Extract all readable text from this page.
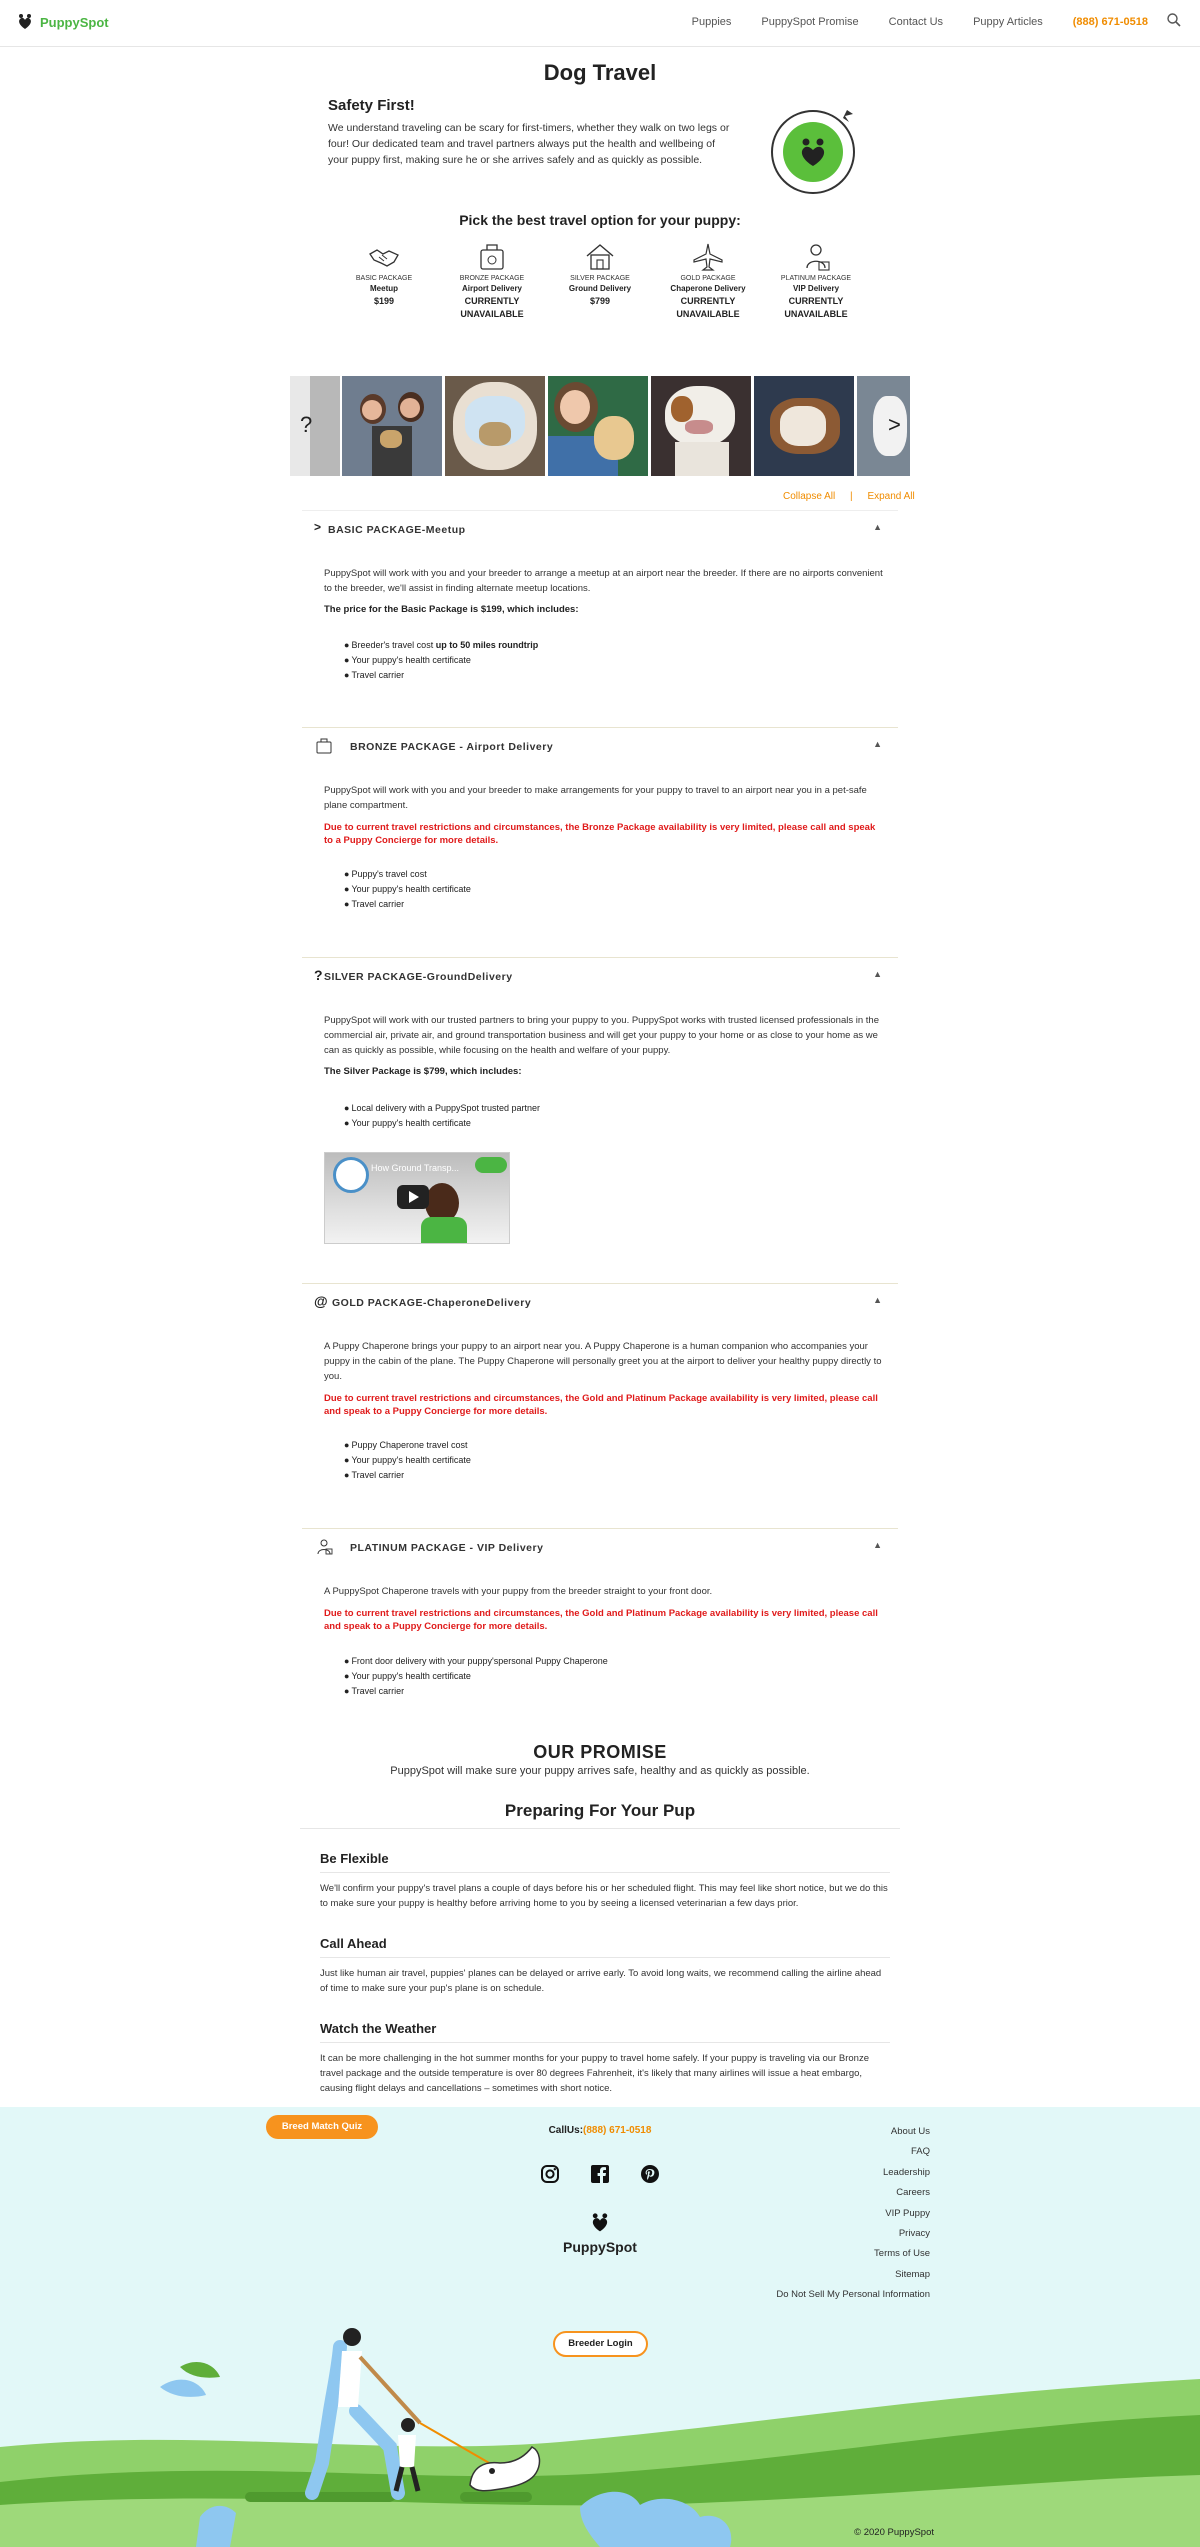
PuppySpot	Puppies	PuppySpot Promise	Contact Us	Puppy Articles	(888) 671-0518
Dog Travel
Safety First!
We understand traveling can be scary for first-timers, whether they walk on two legs or four! Our dedicated team and travel partners always put the health and wellbeing of your puppy first, making sure he or she arrives safely and as quickly as possible.
Pick the best travel option for your puppy:
BASIC PACKAGE
Meetup
$199
BRONZE PACKAGE
Airport Delivery
CURRENTLY UNAVAILABLE
SILVER PACKAGE
Ground Delivery
$799
GOLD PACKAGE
Chaperone Delivery
CURRENTLY UNAVAILABLE
PLATINUM PACKAGE
VIP Delivery
CURRENTLY UNAVAILABLE
?	>
Collapse All | Expand All
> BASIC PACKAGE-Meetup	▲
PuppySpot will work with you and your breeder to arrange a meetup at an airport near the breeder. If there are no airports convenient to the breeder, we'll assist in finding alternate meetup locations.
The price for the Basic Package is $199, which includes:
● Breeder's travel cost up to 50 miles roundtrip
● Your puppy's health certificate
● Travel carrier
BRONZE PACKAGE - Airport Delivery	▲
PuppySpot will work with you and your breeder to make arrangements for your puppy to travel to an airport near you in a pet-safe plane compartment.
Due to current travel restrictions and circumstances, the Bronze Package availability is very limited, please call and speak to a Puppy Concierge for more details.
● Puppy's travel cost
● Your puppy's health certificate
● Travel carrier
? SILVER PACKAGE-GroundDelivery	▲
PuppySpot will work with our trusted partners to bring your puppy to you. PuppySpot works with trusted licensed professionals in the commercial air, private air, and ground transportation business and will get your puppy to your home or as close to your home as we can as quickly as possible, while focusing on the health and welfare of your puppy.
The Silver Package is $799, which includes:
● Local delivery with a PuppySpot trusted partner
● Your puppy's health certificate
How Ground Transp...
@ GOLD PACKAGE-ChaperoneDelivery	▲
A Puppy Chaperone brings your puppy to an airport near you. A Puppy Chaperone is a human companion who accompanies your puppy in the cabin of the plane. The Puppy Chaperone will personally greet you at the airport to deliver your healthy puppy directly to you.
Due to current travel restrictions and circumstances, the Gold and Platinum Package availability is very limited, please call and speak to a Puppy Concierge for more details.
● Puppy Chaperone travel cost
● Your puppy's health certificate
● Travel carrier
PLATINUM PACKAGE - VIP Delivery	▲
A PuppySpot Chaperone travels with your puppy from the breeder straight to your front door.
Due to current travel restrictions and circumstances, the Gold and Platinum Package availability is very limited, please call and speak to a Puppy Concierge for more details.
● Front door delivery with your puppy'spersonal Puppy Chaperone
● Your puppy's health certificate
● Travel carrier
OUR PROMISE
PuppySpot will make sure your puppy arrives safe, healthy and as quickly as possible.
Preparing For Your Pup
Be Flexible
We'll confirm your puppy's travel plans a couple of days before his or her scheduled flight. This may feel like short notice, but we do this to make sure your puppy is healthy before arriving home to you by seeing a licensed veterinarian a few days prior.
Call Ahead
Just like human air travel, puppies' planes can be delayed or arrive early. To avoid long waits, we recommend calling the airline ahead of time to make sure your pup's plane is on schedule.
Watch the Weather
It can be more challenging in the hot summer months for your puppy to travel home safely. If your puppy is traveling via our Bronze travel package and the outside temperature is over 80 degrees Fahrenheit, it's likely that many airlines will issue a heat embargo, causing flight delays and cancellations – sometimes with short notice.
Breed Match Quiz	CallUs:(888) 671-0518
PuppySpot
About Us
FAQ
Leadership
Careers
VIP Puppy
Privacy
Terms of Use
Sitemap
Do Not Sell My Personal Information
Breeder Login
© 2020 PuppySpot
